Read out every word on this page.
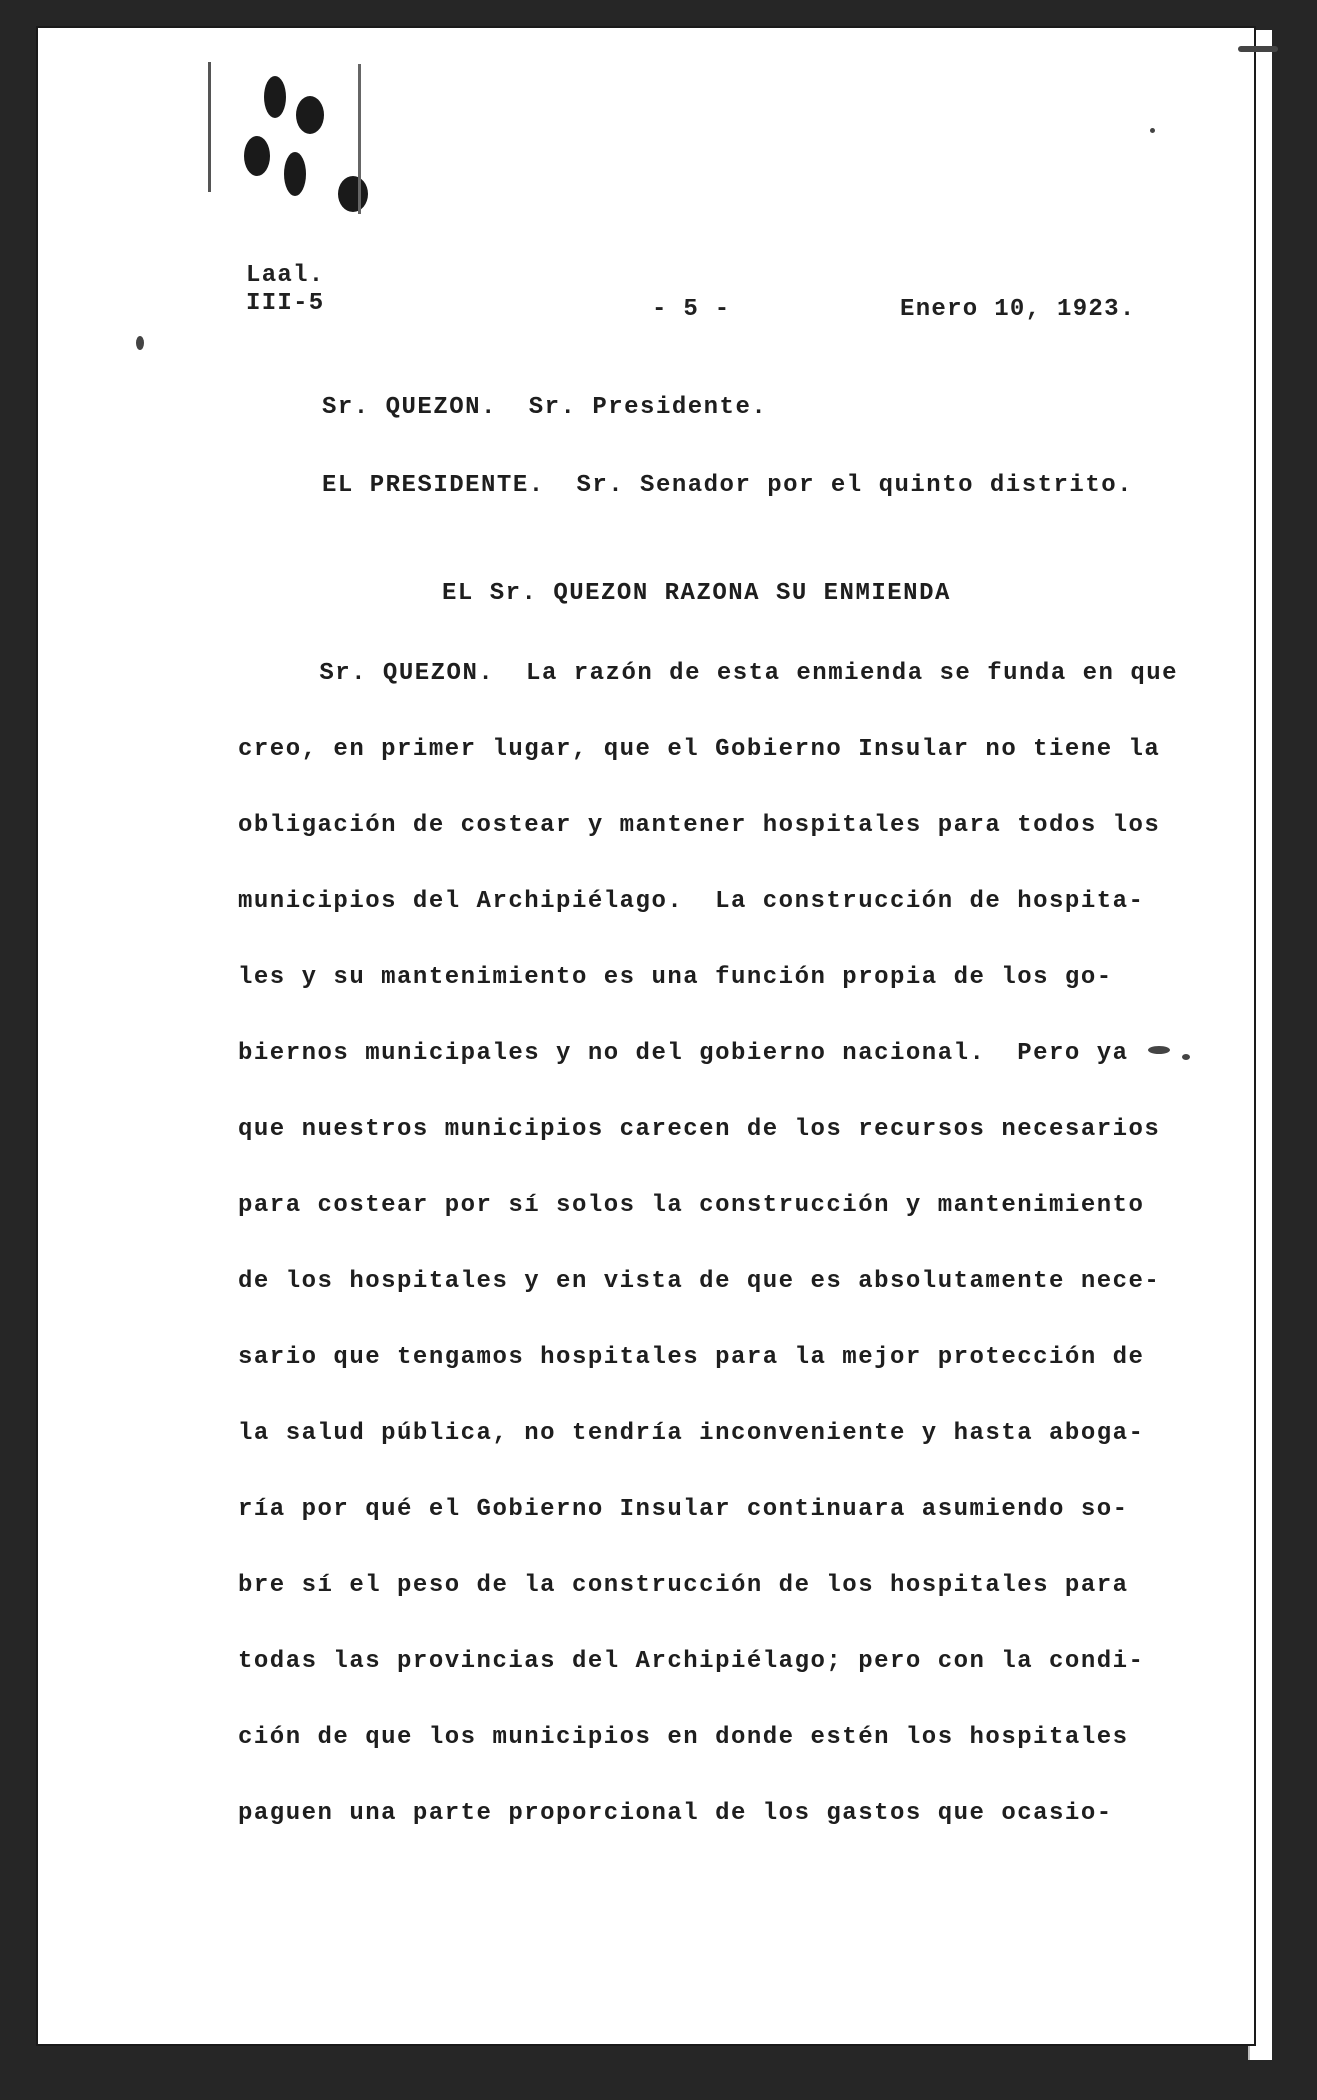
Laal.
III-5	- 5 -	Enero 10, 1923.
Sr. QUEZON.  Sr. Presidente.
EL PRESIDENTE.  Sr. Senador por el quinto distrito.
EL Sr. QUEZON RAZONA SU ENMIENDA
Sr. QUEZON.  La razón de esta enmienda se funda en que
creo, en primer lugar, que el Gobierno Insular no tiene la
obligación de costear y mantener hospitales para todos los
municipios del Archipiélago.  La construcción de hospita-
les y su mantenimiento es una función propia de los go-
biernos municipales y no del gobierno nacional.  Pero ya
que nuestros municipios carecen de los recursos necesarios
para costear por sí solos la construcción y mantenimiento
de los hospitales y en vista de que es absolutamente nece-
sario que tengamos hospitales para la mejor protección de
la salud pública, no tendría inconveniente y hasta aboga-
ría por qué el Gobierno Insular continuara asumiendo so-
bre sí el peso de la construcción de los hospitales para
todas las provincias del Archipiélago; pero con la condi-
ción de que los municipios en donde estén los hospitales
paguen una parte proporcional de los gastos que ocasio-
